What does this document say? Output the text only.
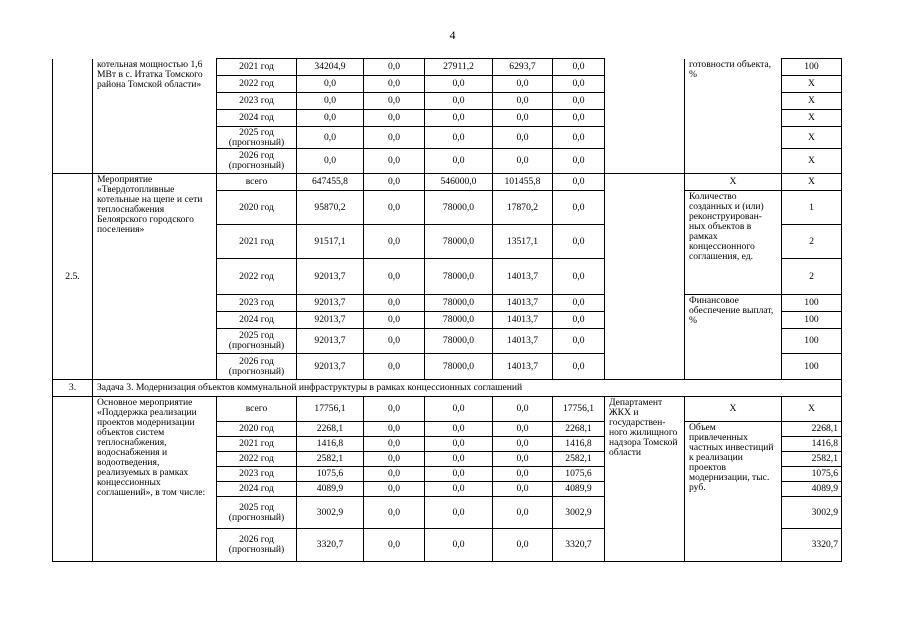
4
	котельная мощностью 1,6 МВт в с. Итатка Томского района Томской области»	2021 год	34204,9	0,0	27911,2	6293,7	0,0		готовности объекта, %	100
		2022 год	0,0	0,0	0,0	0,0	0,0			Х
		2023 год	0,0	0,0	0,0	0,0	0,0			Х
		2024 год	0,0	0,0	0,0	0,0	0,0			Х
		2025 год (прогнозный)	0,0	0,0	0,0	0,0	0,0			Х
		2026 год (прогнозный)	0,0	0,0	0,0	0,0	0,0			Х
2.5.	Мероприятие «Твердотопливные котельные на щепе и сети теплоснабжения Белоярского городского поселения»	всего	647455,8	0,0	546000,0	101455,8	0,0		Х	Х
		2020 год	95870,2	0,0	78000,0	17870,2	0,0		Количество созданных и (или) реконструирован-ных объектов в рамках концессионного соглашения, ед.	1
		2021 год	91517,1	0,0	78000,0	13517,1	0,0			2
		2022 год	92013,7	0,0	78000,0	14013,7	0,0			2
		2023 год	92013,7	0,0	78000,0	14013,7	0,0		Финансовое обеспечение выплат, %	100
		2024 год	92013,7	0,0	78000,0	14013,7	0,0			100
		2025 год (прогнозный)	92013,7	0,0	78000,0	14013,7	0,0			100
		2026 год (прогнозный)	92013,7	0,0	78000,0	14013,7	0,0			100
3.	Задача 3. Модернизация объектов коммунальной инфраструктуры в рамках концессионных соглашений									
	Основное мероприятие «Поддержка реализации проектов модернизации объектов систем теплоснабжения, водоснабжения и водоотведения, реализуемых в рамках концессионных соглашений», в том числе:	всего	17756,1	0,0	0,0	0,0	17756,1	Департамент ЖКХ и государствен-ного жилищного надзора Томской области	Х	Х
		2020 год	2268,1	0,0	0,0	0,0	2268,1		Объем привлеченных частных инвестиций к реализации проектов модернизации, тыс. руб.	2268,1
		2021 год	1416,8	0,0	0,0	0,0	1416,8			1416,8
		2022 год	2582,1	0,0	0,0	0,0	2582,1			2582,1
		2023 год	1075,6	0,0	0,0	0,0	1075,6			1075,6
		2024 год	4089,9	0,0	0,0	0,0	4089,9			4089,9
		2025 год (прогнозный)	3002,9	0,0	0,0	0,0	3002,9			3002,9
		2026 год (прогнозный)	3320,7	0,0	0,0	0,0	3320,7			3320,7
